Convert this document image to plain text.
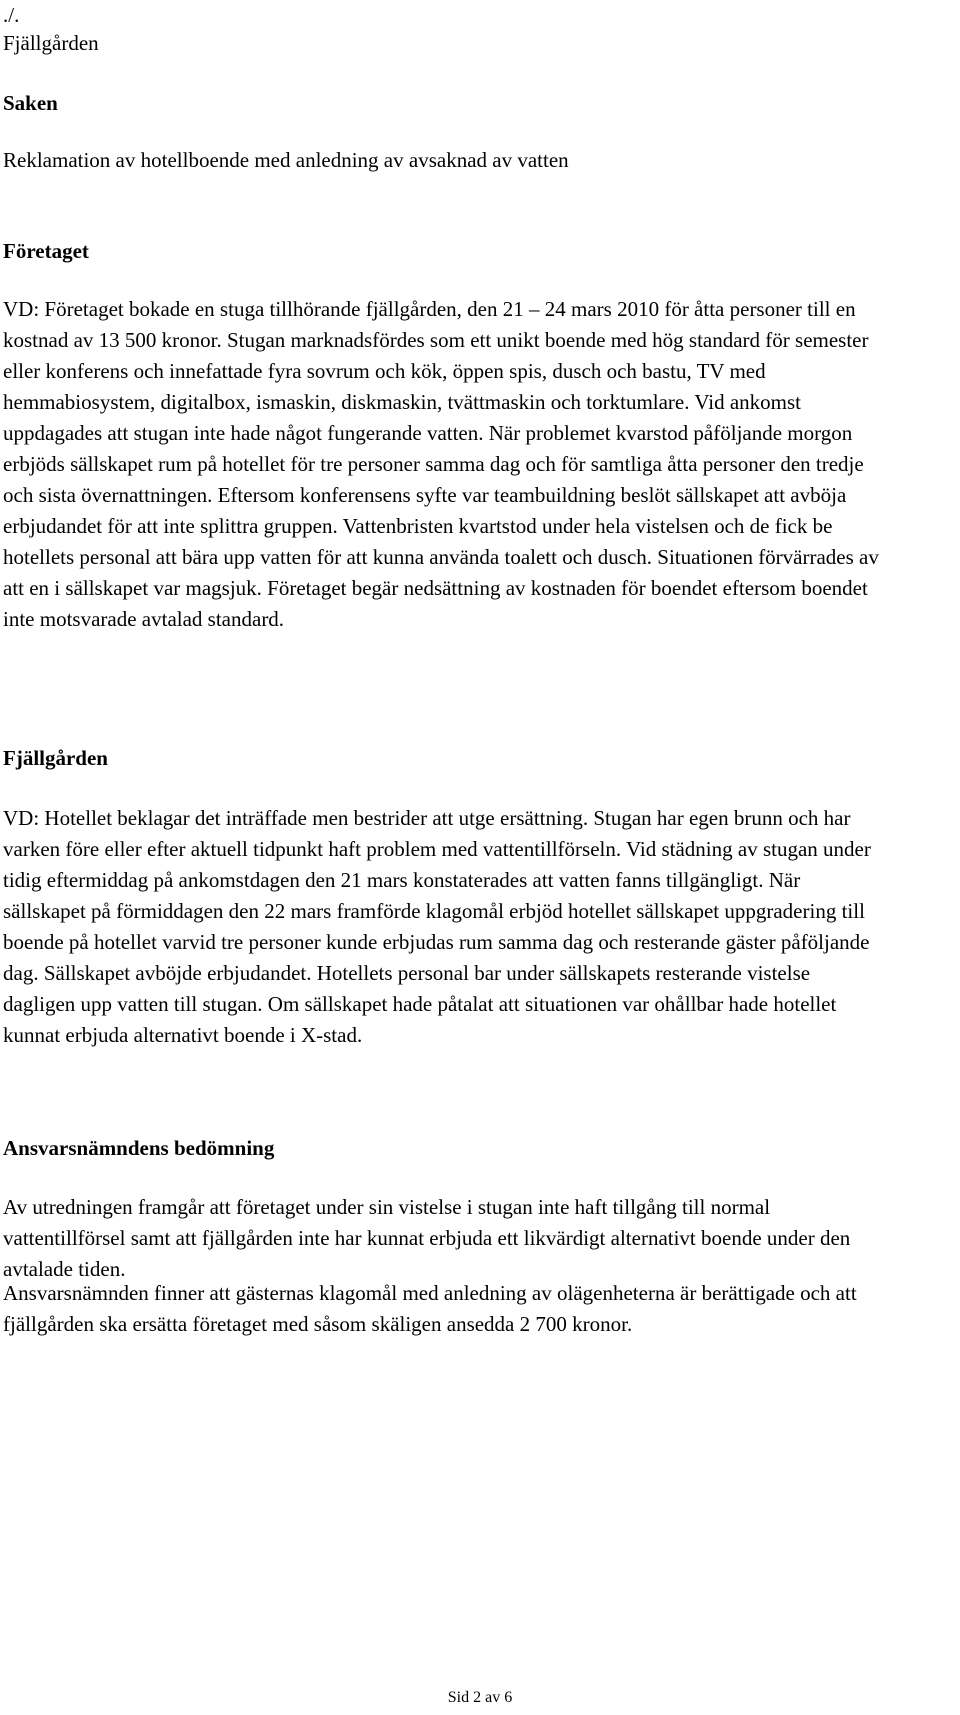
./.
Fjällgården
Saken
Reklamation av hotellboende med anledning av avsaknad av vatten
Företaget
VD: Företaget bokade en stuga tillhörande fjällgården, den 21 – 24 mars 2010 för åtta personer till en kostnad av 13 500 kronor. Stugan marknadsfördes som ett unikt boende med hög standard för semester eller konferens och innefattade fyra sovrum och kök, öppen spis, dusch och bastu, TV med hemmabiosystem, digitalbox, ismaskin, diskmaskin, tvättmaskin och torktumlare. Vid ankomst uppdagades att stugan inte hade något fungerande vatten. När problemet kvarstod påföljande morgon erbjöds sällskapet rum på hotellet för tre personer samma dag och för samtliga åtta personer den tredje och sista övernattningen. Eftersom konferensens syfte var teambuildning beslöt sällskapet att avböja erbjudandet för att inte splittra gruppen. Vattenbristen kvartstod under hela vistelsen och de fick be hotellets personal att bära upp vatten för att kunna använda toalett och dusch. Situationen förvärrades av att en i sällskapet var magsjuk. Företaget begär nedsättning av kostnaden för boendet eftersom boendet inte motsvarade avtalad standard.
Fjällgården
VD: Hotellet beklagar det inträffade men bestrider att utge ersättning. Stugan har egen brunn och har varken före eller efter aktuell tidpunkt haft problem med vattentillförseln. Vid städning av stugan under tidig eftermiddag på ankomstdagen den 21 mars konstaterades att vatten fanns tillgängligt. När sällskapet på förmiddagen den 22 mars framförde klagomål erbjöd hotellet sällskapet uppgradering till boende på hotellet varvid tre personer kunde erbjudas rum samma dag och resterande gäster påföljande dag. Sällskapet avböjde erbjudandet. Hotellets personal bar under sällskapets resterande vistelse dagligen upp vatten till stugan. Om sällskapet hade påtalat att situationen var ohållbar hade hotellet kunnat erbjuda alternativt boende i X-stad.
Ansvarsnämndens bedömning
Av utredningen framgår att företaget under sin vistelse i stugan inte haft tillgång till normal vattentillförsel samt att fjällgården inte har kunnat erbjuda ett likvärdigt alternativt boende under den avtalade tiden.
Ansvarsnämnden finner att gästernas klagomål med anledning av olägenheterna är berättigade och att fjällgården ska ersätta företaget med såsom skäligen ansedda 2 700 kronor.
Sid 2 av 6
